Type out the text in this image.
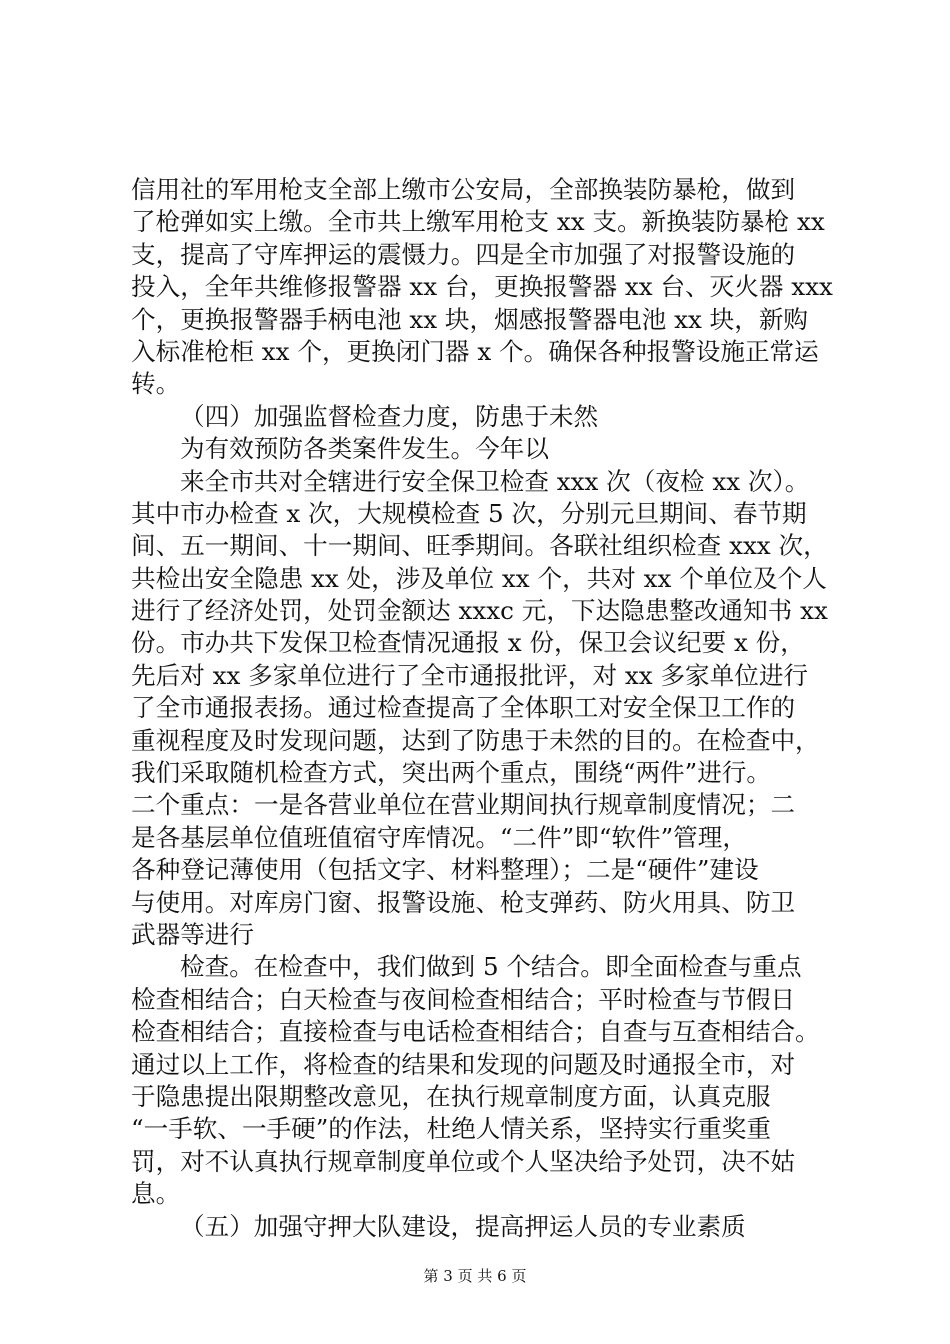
信用社的军用枪支全部上缴市公安局，全部换装防暴枪，做到
了枪弹如实上缴。全市共上缴军用枪支 xx 支。新换装防暴枪 xx
支，提高了守库押运的震慑力。四是全市加强了对报警设施的
投入，全年共维修报警器 xx 台，更换报警器 xx 台、灭火器 xxx
个，更换报警器手柄电池 xx 块，烟感报警器电池 xx 块，新购
入标准枪柜 xx 个，更换闭门器 x 个。确保各种报警设施正常运
转。
（四）加强监督检查力度，防患于未然
为有效预防各类案件发生。今年以
来全市共对全辖进行安全保卫检查 xxx 次（夜检 xx 次）。
其中市办检查 x 次，大规模检查 5 次，分别元旦期间、春节期
间、五一期间、十一期间、旺季期间。各联社组织检查 xxx 次，
共检出安全隐患 xx 处，涉及单位 xx 个，共对 xx 个单位及个人
进行了经济处罚，处罚金额达 xxxc 元，下达隐患整改通知书 xx
份。市办共下发保卫检查情况通报 x 份，保卫会议纪要 x 份，
先后对 xx 多家单位进行了全市通报批评，对 xx 多家单位进行
了全市通报表扬。通过检查提高了全体职工对安全保卫工作的
重视程度及时发现问题，达到了防患于未然的目的。在检查中，
我们采取随机检查方式，突出两个重点，围绕“两件”进行。
二个重点：一是各营业单位在营业期间执行规章制度情况；二
是各基层单位值班值宿守库情况。“二件”即“软件”管理，
各种登记薄使用（包括文字、材料整理）；二是“硬件”建设
与使用。对库房门窗、报警设施、枪支弹药、防火用具、防卫
武器等进行
检查。在检查中，我们做到 5 个结合。即全面检查与重点
检查相结合；白天检查与夜间检查相结合；平时检查与节假日
检查相结合；直接检查与电话检查相结合；自查与互查相结合。
通过以上工作，将检查的结果和发现的问题及时通报全市，对
于隐患提出限期整改意见，在执行规章制度方面，认真克服
“一手软、一手硬”的作法，杜绝人情关系，坚持实行重奖重
罚，对不认真执行规章制度单位或个人坚决给予处罚，决不姑
息。
（五）加强守押大队建设，提高押运人员的专业素质
第 3 页 共 6 页
